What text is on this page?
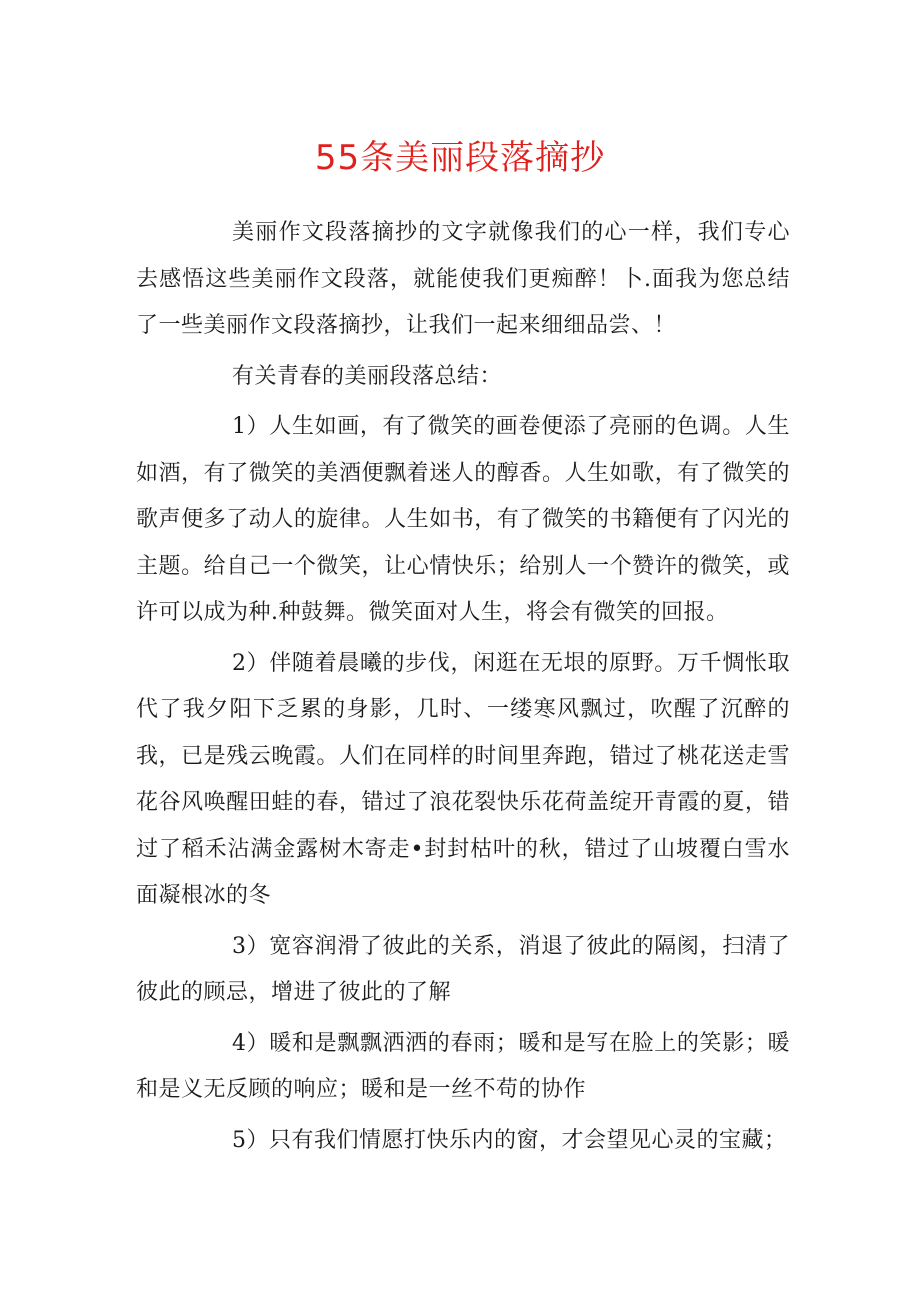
55条美丽段落摘抄

美丽作文段落摘抄的文字就像我们的心一样，我们专心去感悟这些美丽作文段落，就能使我们更痴醉！卜.面我为您总结了一些美丽作文段落摘抄，让我们一起来细细品尝、！

有关青春的美丽段落总结：

1）人生如画，有了微笑的画卷便添了亮丽的色调。人生如酒，有了微笑的美酒便飘着迷人的醇香。人生如歌，有了微笑的歌声便多了动人的旋律。人生如书，有了微笑的书籍便有了闪光的主题。给自己一个微笑，让心情快乐；给别人一个赞许的微笑，或许可以成为种.种鼓舞。微笑面对人生，将会有微笑的回报。

2）伴随着晨曦的步伐，闲逛在无垠的原野。万千惆怅取代了我夕阳下乏累的身影，几时、一缕寒风飘过，吹醒了沉醉的我，已是残云晚霞。人们在同样的时间里奔跑，错过了桃花送走雪花谷风唤醒田蛙的春，错过了浪花裂快乐花荷盖绽开青霞的夏，错过了稻禾沾满金露树木寄走•封封枯叶的秋，错过了山坡覆白雪水面凝根冰的冬

3）宽容润滑了彼此的关系，消退了彼此的隔阂，扫清了彼此的顾忌，增进了彼此的了解

4）暖和是飘飘洒洒的春雨；暖和是写在脸上的笑影；暖和是义无反顾的响应；暖和是一丝不苟的协作

5）只有我们情愿打快乐内的窗，才会望见心灵的宝藏；
